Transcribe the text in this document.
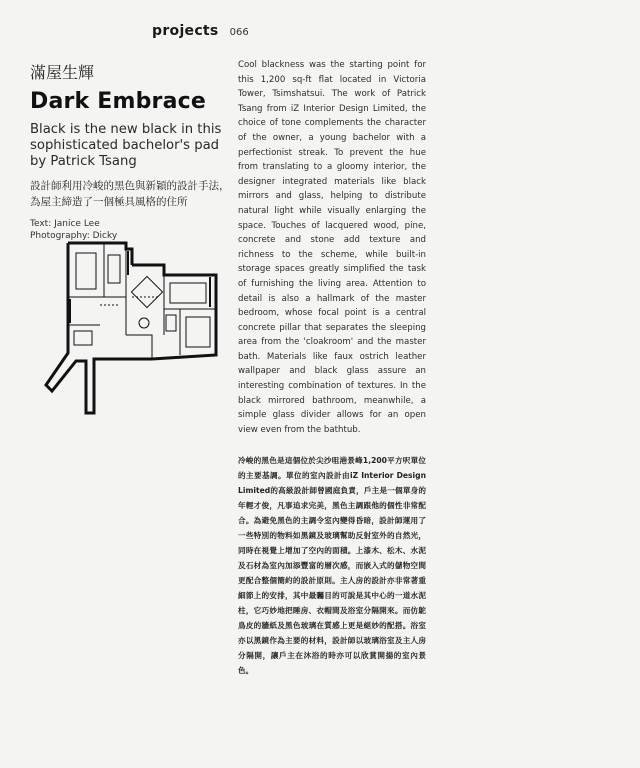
projects 066
滿屋生輝
Dark Embrace
Black is the new black in this sophisticated bachelor's pad by Patrick Tsang
設計師利用冷峻的黑色與新穎的設計手法，為屋主締造了一個極具風格的住所
Text: Janice Lee
Photography: Dicky

Cool blackness was the starting point for this 1,200 sq-ft flat located in Victoria Tower, Tsimshatsui. The work of Patrick Tsang from iZ Interior Design Limited, the choice of tone complements the character of the owner, a young bachelor with a perfectionist streak. To prevent the hue from translating to a gloomy interior, the designer integrated materials like black mirrors and glass, helping to distribute natural light while visually enlarging the space. Touches of lacquered wood, pine, concrete and stone add texture and richness to the scheme, while built-in storage spaces greatly simplified the task of furnishing the living area. Attention to detail is also a hallmark of the master bedroom, whose focal point is a central concrete pillar that separates the sleeping area from the 'cloakroom' and the master bath. Materials like faux ostrich leather wallpaper and black glass assure an interesting combination of textures. In the black mirrored bathroom, meanwhile, a simple glass divider allows for an open view even from the bathtub.

冷峻的黑色是這個位於尖沙咀港景峰1,200平方呎單位的主要基調。單位的室內設計由iZ Interior Design Limited的高級設計師曾國庭負責，戶主是一個單身的年輕才俊，凡事追求完美，黑色主調跟他的個性非常配合。為避免黑色的主調令室內變得昏暗，設計師運用了一些特別的物料如黑鏡及玻璃幫助反射室外的自然光，同時在視覺上增加了空內的面積。上漆木、松木、水泥及石材為室內加添豐富的層次感，而嵌入式的儲物空間更配合整個簡約的設計原則。主人房的設計亦非常著重細節上的安排，其中最矚目的可說是其中心的一道水泥柱，它巧妙地把睡房、衣帽間及浴室分隔開來。而仿鴕鳥皮的牆紙及黑色玻璃在質感上更是絕妙的配搭。浴室亦以黑鏡作為主要的材料，設計師以玻璃浴室及主人房分隔開，讓戶主在沐浴的時亦可以欣賞開揚的室內景色。
